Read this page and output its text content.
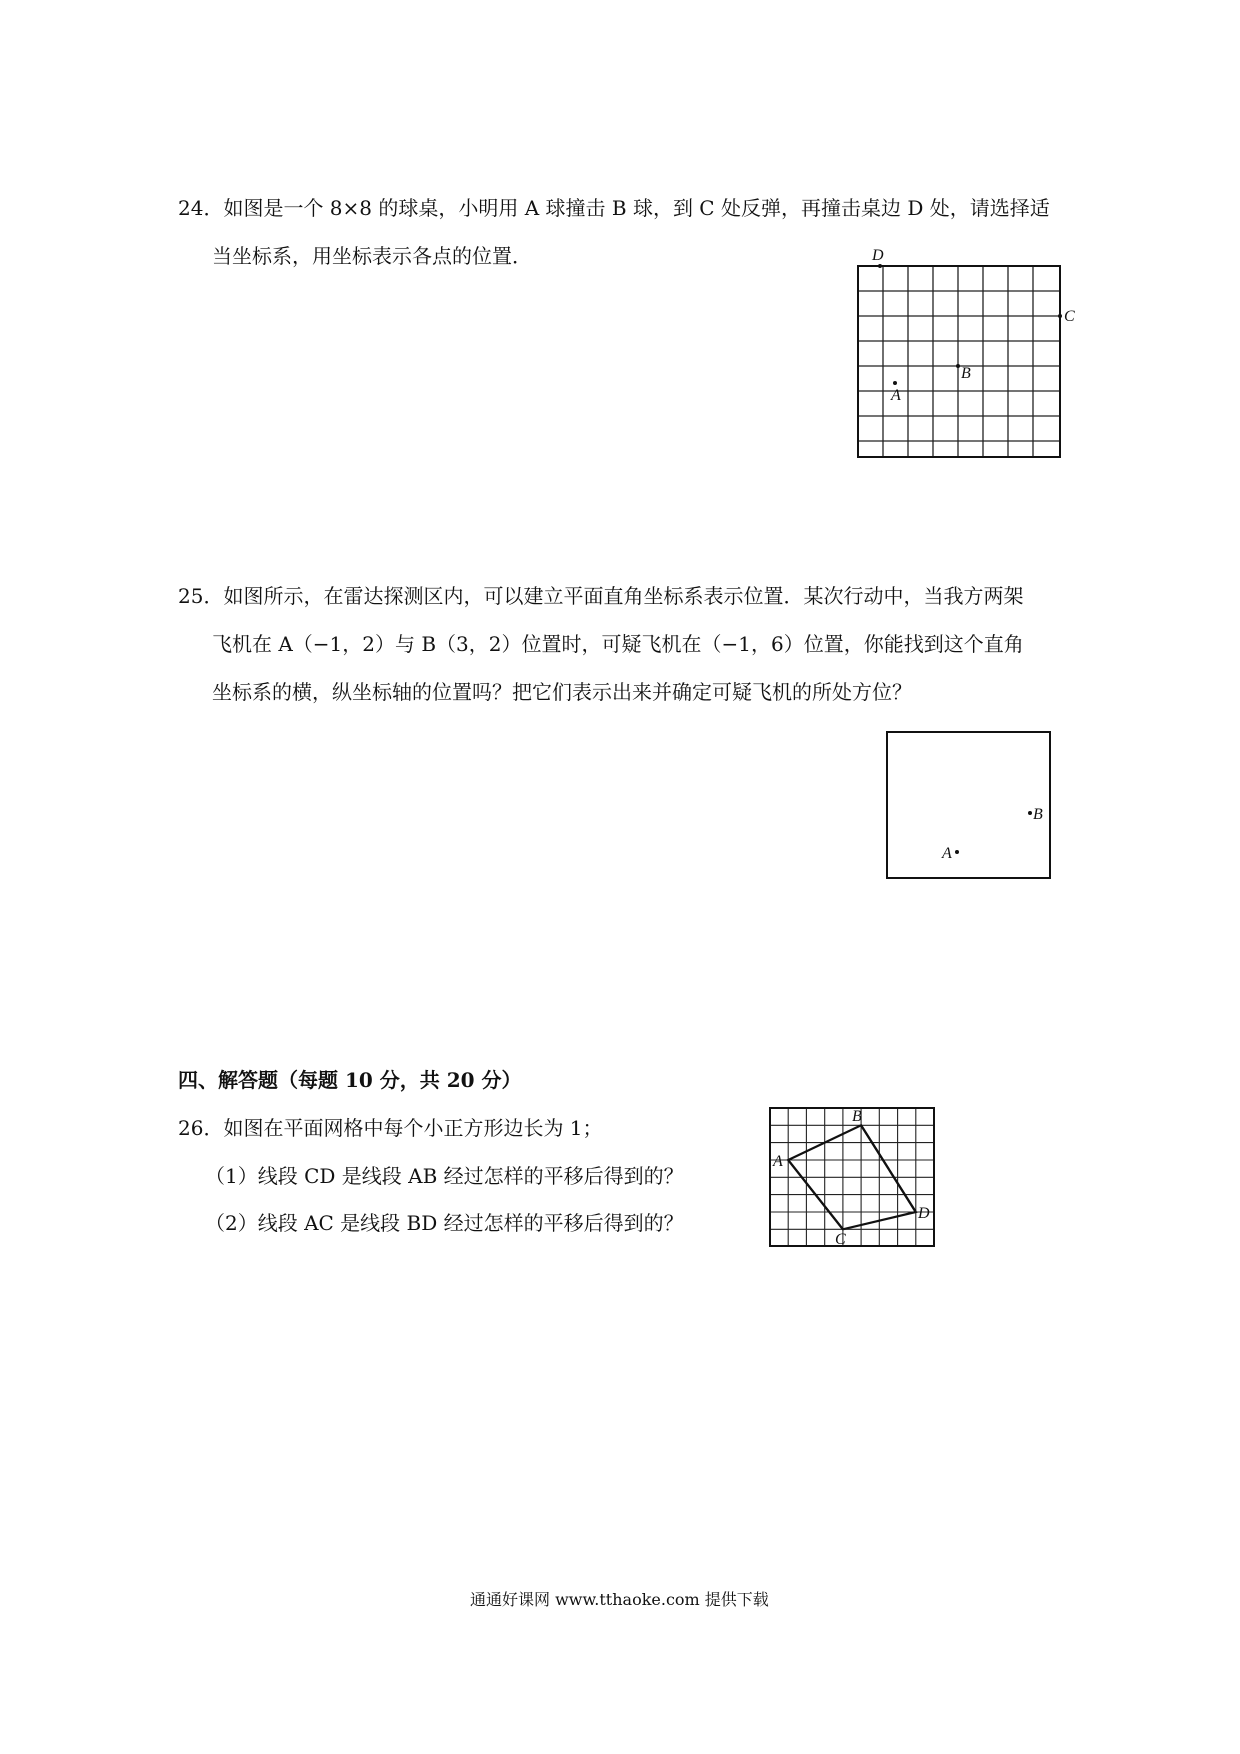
24．如图是一个 8×8 的球桌，小明用 A 球撞击 B 球，到 C 处反弹，再撞击桌边 D 处，请选择适
当坐标系，用坐标表示各点的位置．	D
C
B
A
25．如图所示，在雷达探测区内，可以建立平面直角坐标系表示位置．某次行动中，当我方两架
飞机在 A（−1，2）与 B（3，2）位置时，可疑飞机在（−1，6）位置，你能找到这个直角
坐标系的横，纵坐标轴的位置吗？把它们表示出来并确定可疑飞机的所处方位？
B
A
四、解答题（每题 10 分，共 20 分）
26．如图在平面网格中每个小正方形边长为 1；
（1）线段 CD 是线段 AB 经过怎样的平移后得到的？
（2）线段 AC 是线段 BD 经过怎样的平移后得到的？
A
B
C
D
通通好课网 www.tthaoke.com 提供下载
